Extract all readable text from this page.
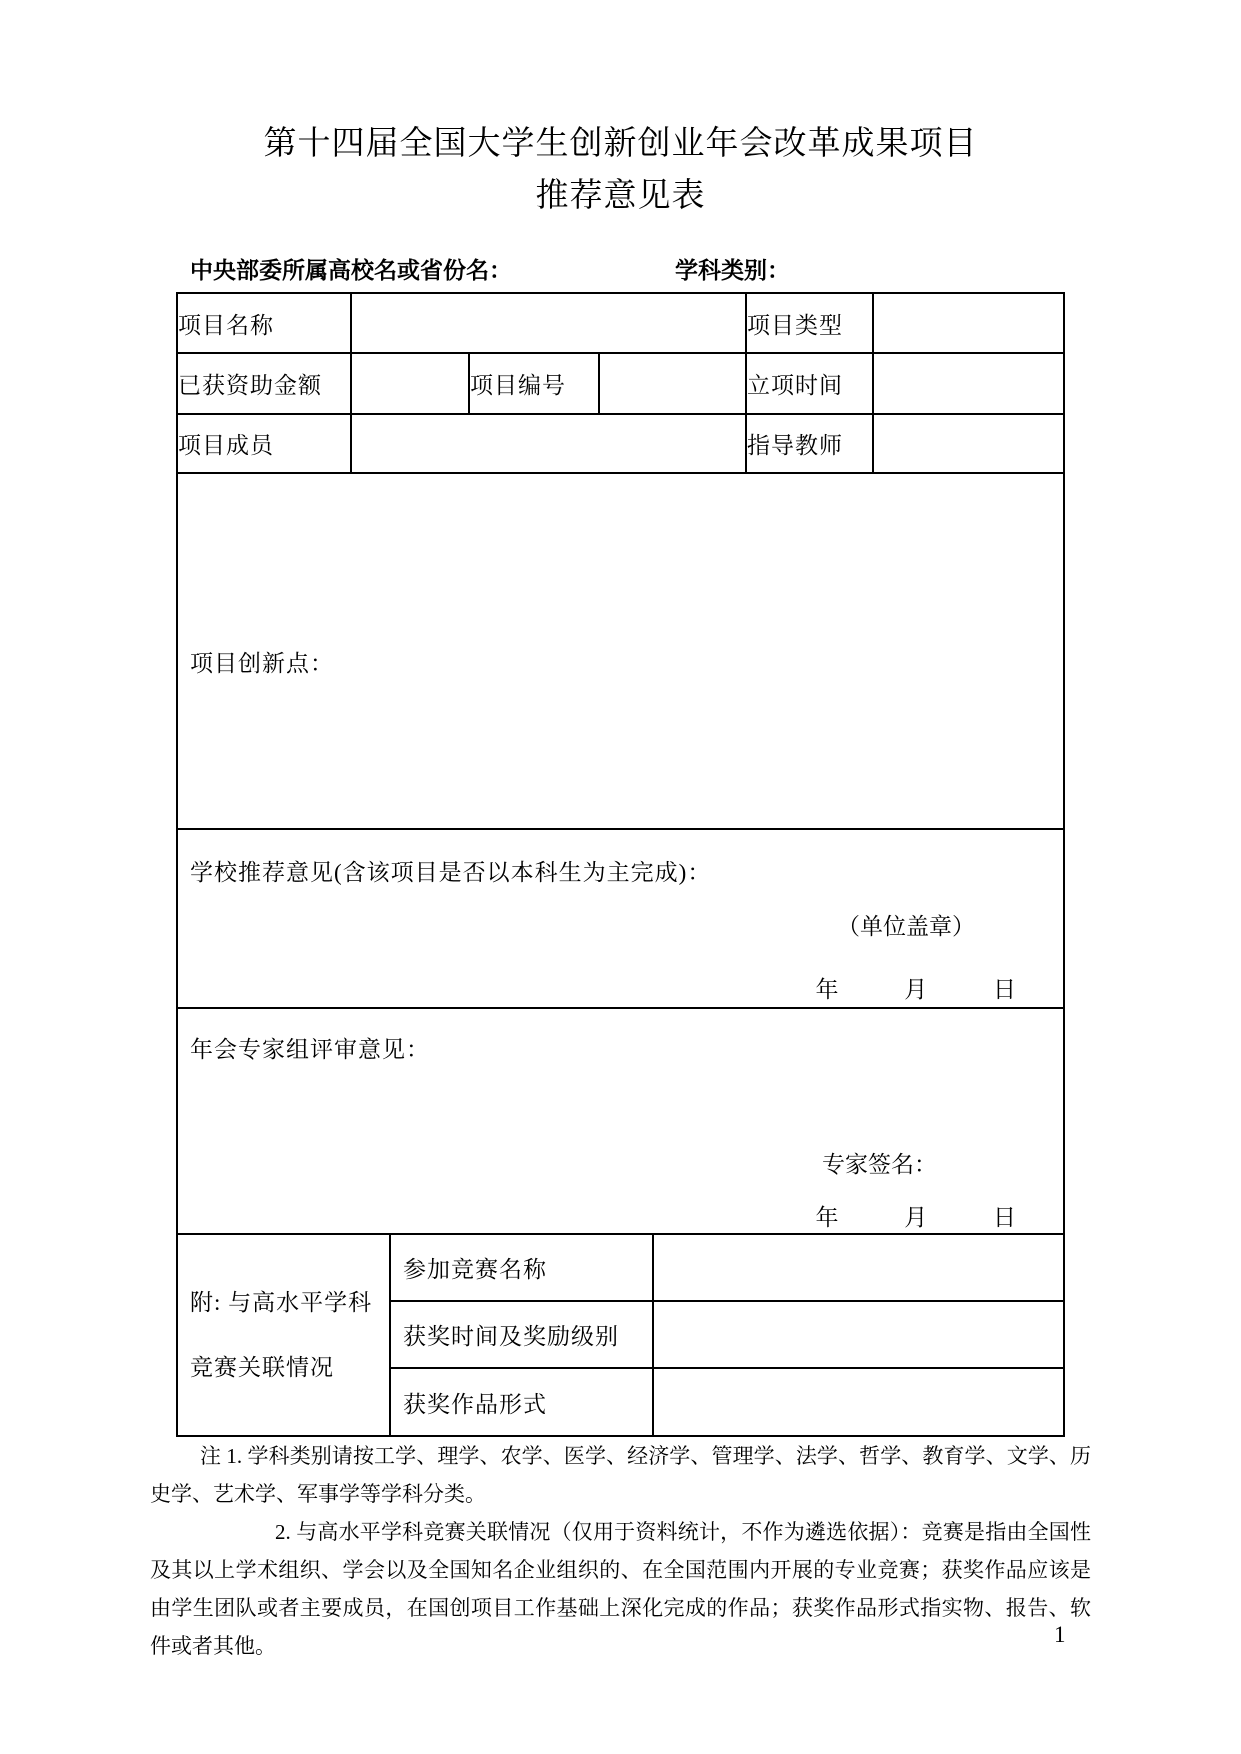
第十四届全国大学生创新创业年会改革成果项目
推荐意见表
中央部委所属高校名或省份名：	学科类别：
项目名称		项目类型	
已获资助金额		项目编号		立项时间	
项目成员		指导教师	

项目创新点：

学校推荐意见(含该项目是否以本科生为主完成)：
（单位盖章）
年	月	日

年会专家组评审意见：
专家签名：
年	月	日

附: 与高水平学科
竞赛关联情况
	参加竞赛名称	
获奖时间及奖励级别	
获奖作品形式	

注 1. 学科类别请按工学、理学、农学、医学、经济学、管理学、法学、哲学、教育学、文学、历史学、艺术学、军事学等学科分类。

2. 与高水平学科竞赛关联情况（仅用于资料统计，不作为遴选依据）：竞赛是指由全国性及其以上学术组织、学会以及全国知名企业组织的、在全国范围内开展的专业竞赛；获奖作品应该是由学生团队或者主要成员，在国创项目工作基础上深化完成的作品；获奖作品形式指实物、报告、软件或者其他。	1
